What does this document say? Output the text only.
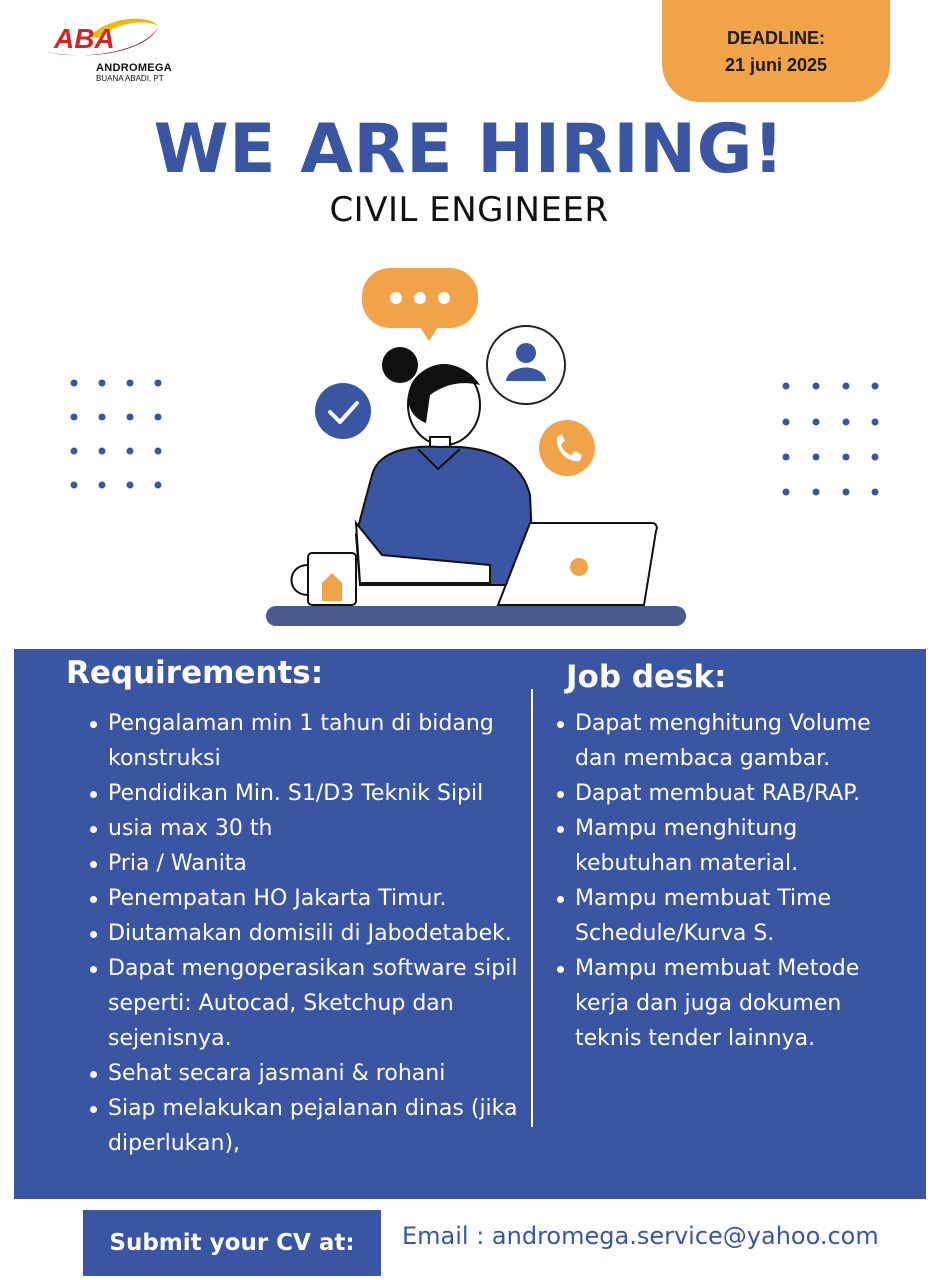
ABA
ANDROMEGA
BUANA ABADI, PT
DEADLINE:
21 juni 2025
WE ARE HIRING!
CIVIL ENGINEER
Requirements:
Pengalaman min 1 tahun di bidang konstruksi
Pendidikan Min. S1/D3 Teknik Sipil
usia max 30 th
Pria / Wanita
Penempatan HO Jakarta Timur.
Diutamakan domisili di Jabodetabek.
Dapat mengoperasikan software sipil seperti: Autocad, Sketchup dan sejenisnya.
Sehat secara jasmani & rohani
Siap melakukan pejalanan dinas (jika diperlukan),
Job desk:
Dapat menghitung Volume dan membaca gambar.
Dapat membuat RAB/RAP.
Mampu menghitung kebutuhan material.
Mampu membuat Time Schedule/Kurva S.
Mampu membuat Metode kerja dan juga dokumen teknis tender lainnya.
Submit your CV at:	Email : andromega.service@yahoo.com
